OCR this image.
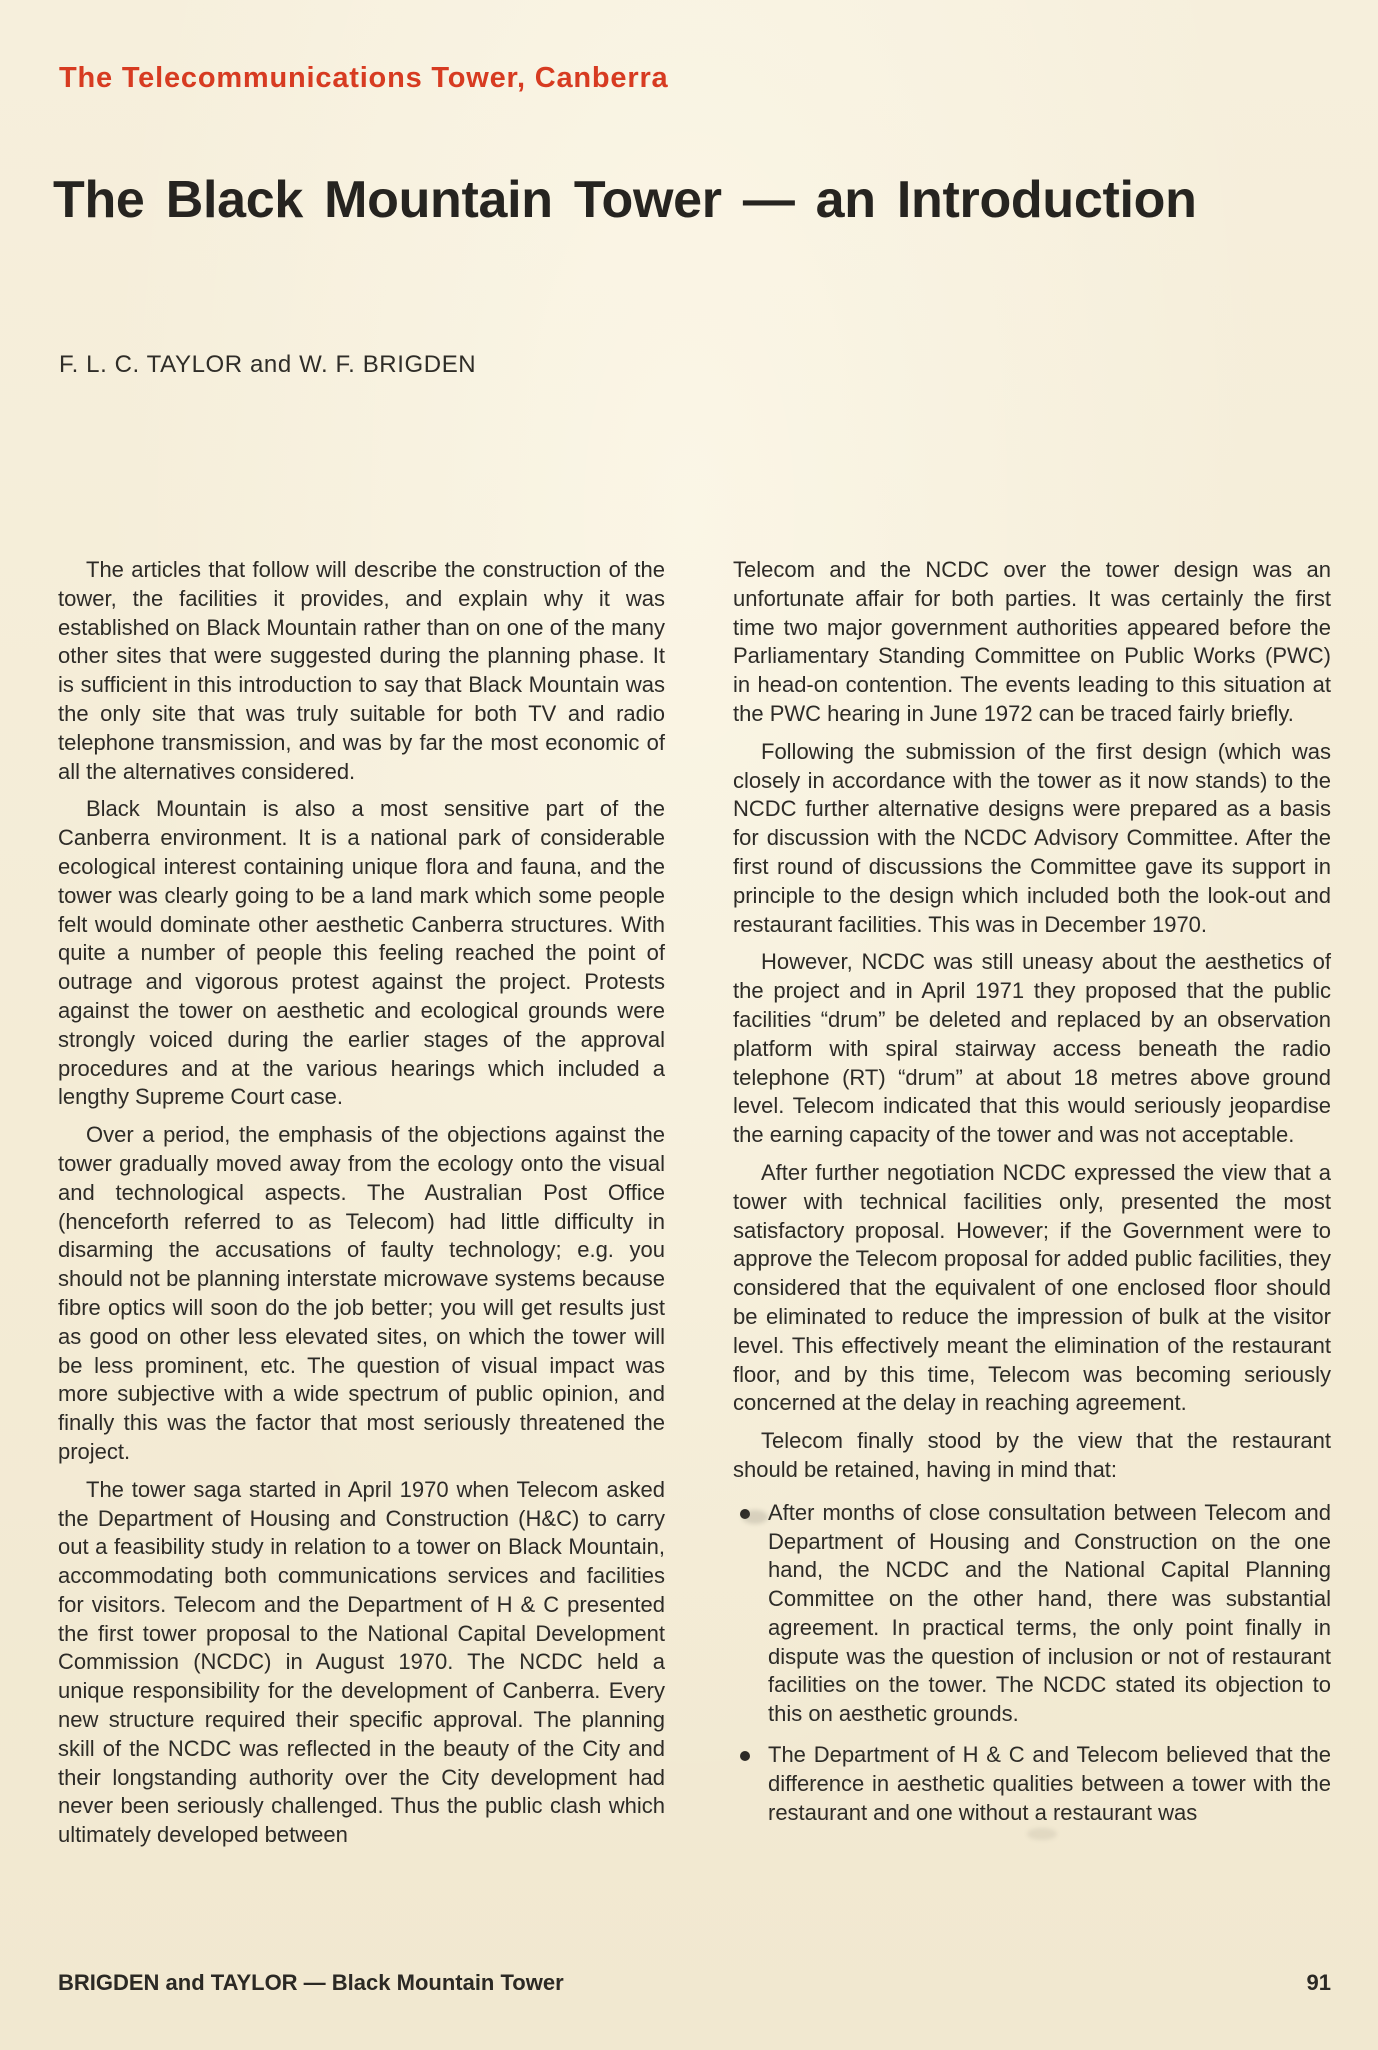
The Telecommunications Tower, Canberra
The Black Mountain Tower — an Introduction
F. L. C. TAYLOR and W. F. BRIGDEN

The articles that follow will describe the construction of the tower, the facilities it provides, and explain why it was established on Black Mountain rather than on one of the many other sites that were suggested during the planning phase. It is sufficient in this introduction to say that Black Mountain was the only site that was truly suitable for both TV and radio telephone transmission, and was by far the most economic of all the alternatives considered.

Black Mountain is also a most sensitive part of the Canberra environment. It is a national park of considerable ecological interest containing unique flora and fauna, and the tower was clearly going to be a land mark which some people felt would dominate other aesthetic Canberra structures. With quite a number of people this feeling reached the point of outrage and vigorous protest against the project. Protests against the tower on aesthetic and ecological grounds were strongly voiced during the earlier stages of the approval procedures and at the various hearings which included a lengthy Supreme Court case.

Over a period, the emphasis of the objections against the tower gradually moved away from the ecology onto the visual and technological aspects. The Australian Post Office (henceforth referred to as Telecom) had little difficulty in disarming the accusations of faulty technology; e.g. you should not be planning interstate microwave systems because fibre optics will soon do the job better; you will get results just as good on other less elevated sites, on which the tower will be less prominent, etc. The question of visual impact was more subjective with a wide spectrum of public opinion, and finally this was the factor that most seriously threatened the project.

The tower saga started in April 1970 when Telecom asked the Department of Housing and Construction (H&C) to carry out a feasibility study in relation to a tower on Black Mountain, accommodating both communications services and facilities for visitors. Telecom and the Department of H & C presented the first tower proposal to the National Capital Development Commission (NCDC) in August 1970. The NCDC held a unique responsibility for the development of Canberra. Every new structure required their specific approval. The planning skill of the NCDC was reflected in the beauty of the City and their longstanding authority over the City development had never been seriously challenged. Thus the public clash which ultimately developed between

Telecom and the NCDC over the tower design was an unfortunate affair for both parties. It was certainly the first time two major government authorities appeared before the Parliamentary Standing Committee on Public Works (PWC) in head-on contention. The events leading to this situation at the PWC hearing in June 1972 can be traced fairly briefly.

Following the submission of the first design (which was closely in accordance with the tower as it now stands) to the NCDC further alternative designs were prepared as a basis for discussion with the NCDC Advisory Committee. After the first round of discussions the Committee gave its support in principle to the design which included both the look-out and restaurant facilities. This was in December 1970.

However, NCDC was still uneasy about the aesthetics of the project and in April 1971 they proposed that the public facilities “drum” be deleted and replaced by an observation platform with spiral stairway access beneath the radio telephone (RT) “drum” at about 18 metres above ground level. Telecom indicated that this would seriously jeopardise the earning capacity of the tower and was not acceptable.

After further negotiation NCDC expressed the view that a tower with technical facilities only, presented the most satisfactory proposal. However; if the Government were to approve the Telecom proposal for added public facilities, they considered that the equivalent of one enclosed floor should be eliminated to reduce the impression of bulk at the visitor level. This effectively meant the elimination of the restaurant floor, and by this time, Telecom was becoming seriously concerned at the delay in reaching agreement.

Telecom finally stood by the view that the restaurant should be retained, having in mind that:

After months of close consultation between Telecom and Department of Housing and Construction on the one hand, the NCDC and the National Capital Planning Committee on the other hand, there was substantial agreement. In practical terms, the only point finally in dispute was the question of inclusion or not of restaurant facilities on the tower. The NCDC stated its objection to this on aesthetic grounds.
The Department of H & C and Telecom believed that the difference in aesthetic qualities between a tower with the restaurant and one without a restaurant was
BRIGDEN and TAYLOR — Black Mountain Tower	91
